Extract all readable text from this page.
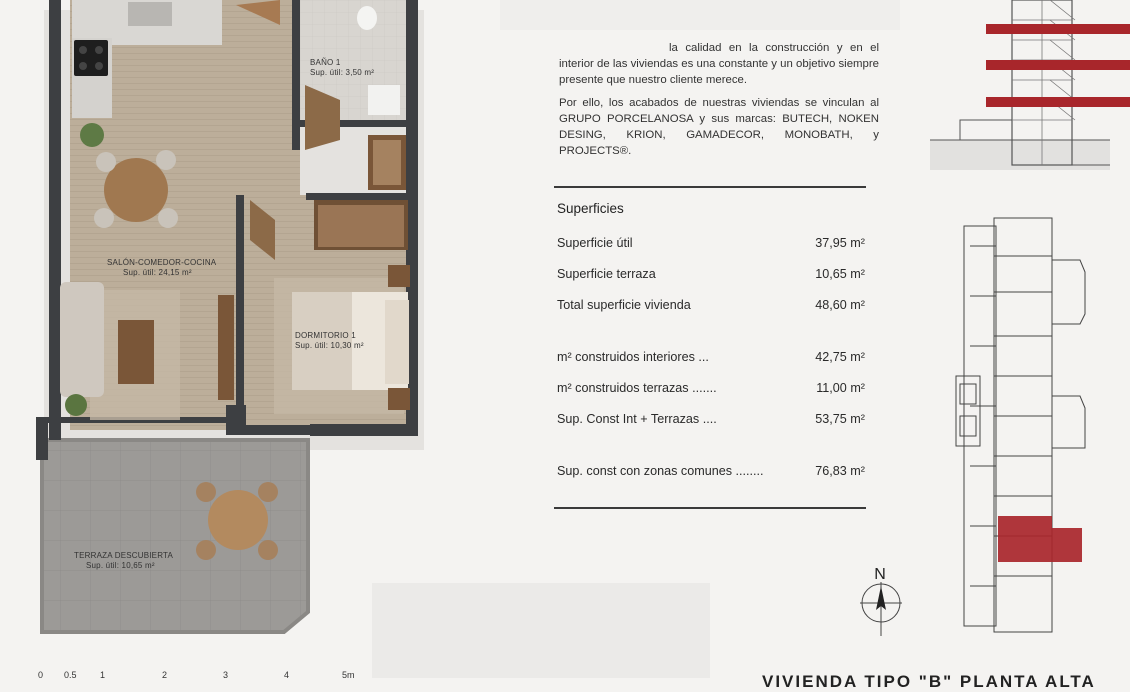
BAÑO 1
Sup. útil: 3,50 m²
SALÓN-COMEDOR-COCINA
Sup. útil: 24,15 m²
DORMITORIO 1
Sup. útil: 10,30 m²
TERRAZA DESCUBIERTA
Sup. útil: 10,65 m²
0 0.5	1	2	3	4	5m

la calidad en la construcción y en el interior de las viviendas es una constante y un objetivo siempre presente que nuestro cliente merece.

Por ello, los acabados de nuestras viviendas se vinculan al GRUPO PORCELANOSA y sus marcas: BUTECH, NOKEN DESING, KRION, GAMADECOR, MONOBATH, y PROJECTS®.

Superficies
Superficie útil	37,95 m²
Superficie terraza	10,65 m²
Total superficie vivienda	48,60 m²
m² construidos interiores ...	42,75 m²
m² construidos terrazas .......	11,00 m²
Sup. Const Int + Terrazas ....	53,75 m²
Sup. const con zonas comunes ........	76,83 m²
N
VIVIENDA TIPO "B" PLANTA ALTA
